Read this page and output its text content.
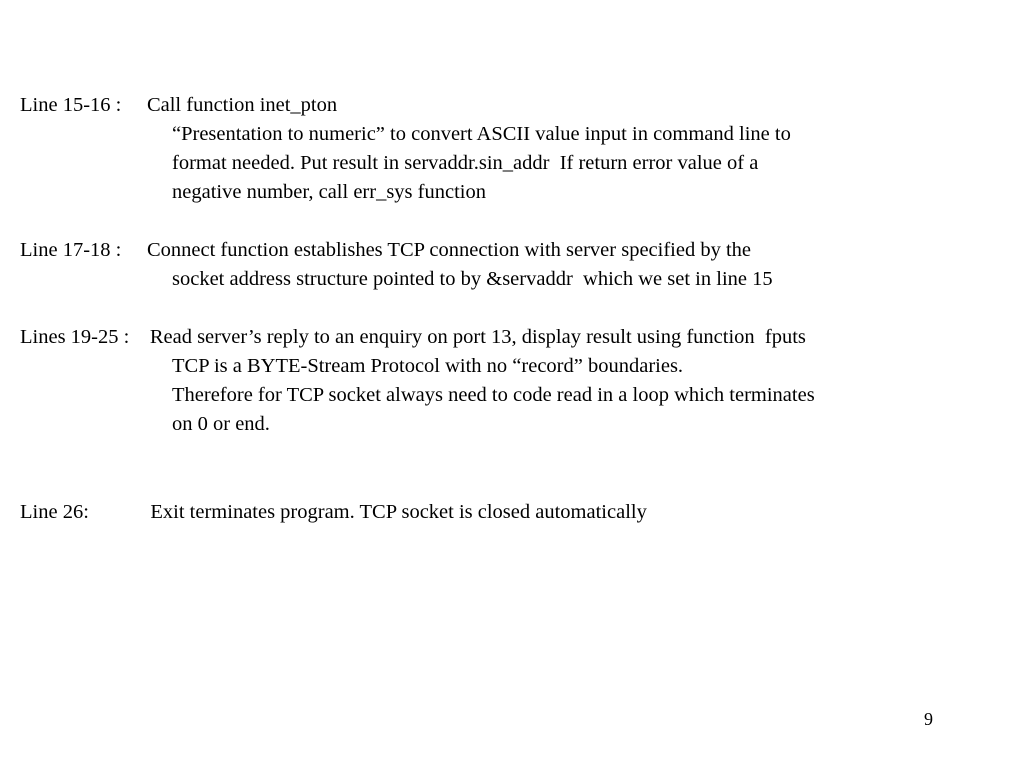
Line 15-16 :     Call function inet_pton

“Presentation to numeric” to convert ASCII value input in command line to

format needed. Put result in servaddr.sin_addr  If return error value of a

negative number, call err_sys function

Line 17-18 :     Connect function establishes TCP connection with server specified by the

socket address structure pointed to by &servaddr  which we set in line 15

Lines 19-25 :    Read server’s reply to an enquiry on port 13, display result using function  fputs

TCP is a BYTE-Stream Protocol with no “record” boundaries.

Therefore for TCP socket always need to code read in a loop which terminates

on 0 or end.

Line 26:            Exit terminates program. TCP socket is closed automatically

9
